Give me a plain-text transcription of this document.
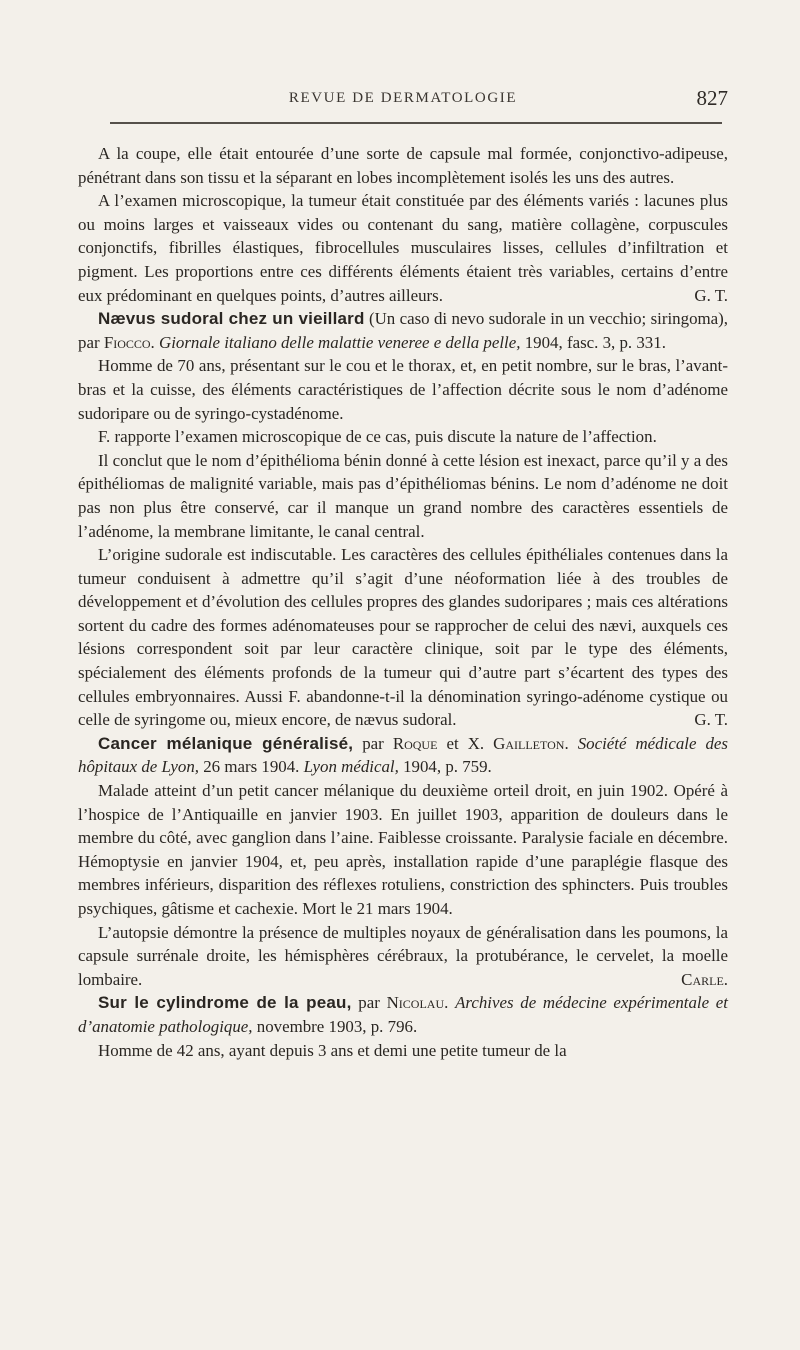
REVUE DE DERMATOLOGIE	827

A la coupe, elle était entourée d’une sorte de capsule mal formée, conjonctivo-adipeuse, pénétrant dans son tissu et la séparant en lobes incomplètement isolés les uns des autres.

A l’examen microscopique, la tumeur était constituée par des éléments variés : lacunes plus ou moins larges et vaisseaux vides ou contenant du sang, matière collagène, corpuscules conjonctifs, fibrilles élastiques, fibrocellules musculaires lisses, cellules d’infiltration et pigment. Les proportions entre ces différents éléments étaient très variables, certains d’entre eux prédominant en quelques points, d’autres ailleurs.	G. T.

Nævus sudoral chez un vieillard (Un caso di nevo sudorale in un vecchio; siringoma), par Fiocco. Giornale italiano delle malattie veneree e della pelle, 1904, fasc. 3, p. 331.

Homme de 70 ans, présentant sur le cou et le thorax, et, en petit nombre, sur le bras, l’avant-bras et la cuisse, des éléments caractéristiques de l’affection décrite sous le nom d’adénome sudoripare ou de syringo-cystadénome.

F. rapporte l’examen microscopique de ce cas, puis discute la nature de l’affection.

Il conclut que le nom d’épithélioma bénin donné à cette lésion est inexact, parce qu’il y a des épithéliomas de malignité variable, mais pas d’épithéliomas bénins. Le nom d’adénome ne doit pas non plus être conservé, car il manque un grand nombre des caractères essentiels de l’adénome, la membrane limitante, le canal central.

L’origine sudorale est indiscutable. Les caractères des cellules épithéliales contenues dans la tumeur conduisent à admettre qu’il s’agit d’une néoformation liée à des troubles de développement et d’évolution des cellules propres des glandes sudoripares ; mais ces altérations sortent du cadre des formes adénomateuses pour se rapprocher de celui des nævi, auxquels ces lésions correspondent soit par leur caractère clinique, soit par le type des éléments, spécialement des éléments profonds de la tumeur qui d’autre part s’écartent des types des cellules embryonnaires. Aussi F. abandonne-t-il la dénomination syringo-adénome cystique ou celle de syringome ou, mieux encore, de nævus sudoral.	G. T.

Cancer mélanique généralisé, par Roque et X. Gailleton. Société médicale des hôpitaux de Lyon, 26 mars 1904. Lyon médical, 1904, p. 759.

Malade atteint d’un petit cancer mélanique du deuxième orteil droit, en juin 1902. Opéré à l’hospice de l’Antiquaille en janvier 1903. En juillet 1903, apparition de douleurs dans le membre du côté, avec ganglion dans l’aine. Faiblesse croissante. Paralysie faciale en décembre. Hémoptysie en janvier 1904, et, peu après, installation rapide d’une paraplégie flasque des membres inférieurs, disparition des réflexes rotuliens, constriction des sphincters. Puis troubles psychiques, gâtisme et cachexie. Mort le 21 mars 1904.

L’autopsie démontre la présence de multiples noyaux de généralisation dans les poumons, la capsule surrénale droite, les hémisphères cérébraux, la protubérance, le cervelet, la moelle lombaire.	Carle.

Sur le cylindrome de la peau, par Nicolau. Archives de médecine expérimentale et d’anatomie pathologique, novembre 1903, p. 796.

Homme de 42 ans, ayant depuis 3 ans et demi une petite tumeur de la
